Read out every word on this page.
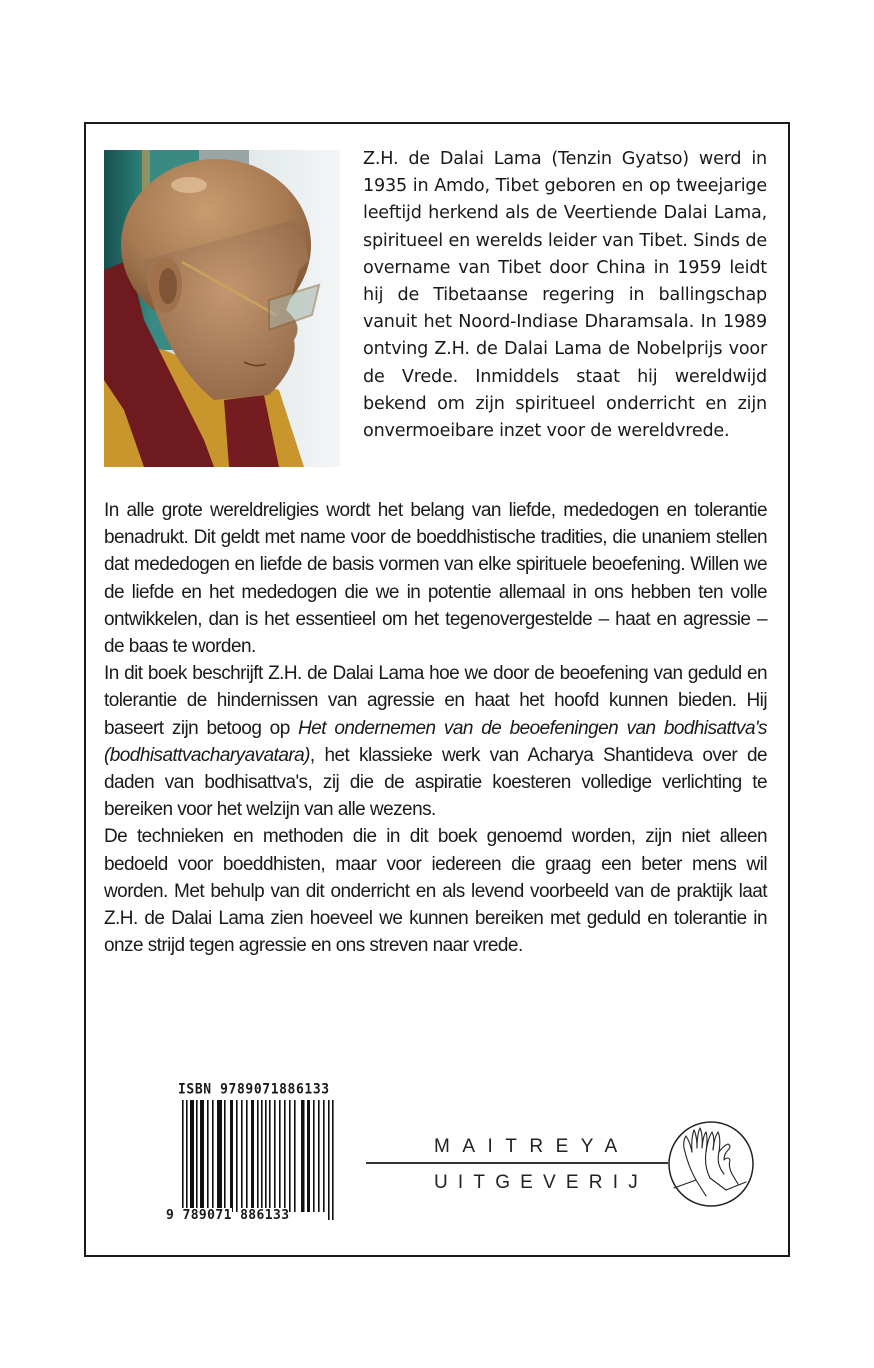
Z.H. de Dalai Lama (Tenzin Gyatso) werd in 1935 in Amdo, Tibet geboren en op tweejarige leeftijd herkend als de Veertiende Dalai Lama, spiritueel en werelds leider van Tibet. Sinds de overname van Tibet door China in 1959 leidt hij de Tibetaanse regering in ballingschap vanuit het Noord-Indiase Dharamsala. In 1989 ontving Z.H. de Dalai Lama de Nobelprijs voor de Vrede. Inmiddels staat hij wereldwijd bekend om zijn spiritueel onderricht en zijn onvermoeibare inzet voor de wereldvrede.

In alle grote wereldreligies wordt het belang van liefde, mededogen en tolerantie benadrukt. Dit geldt met name voor de boeddhistische tradities, die unaniem stellen dat mededogen en liefde de basis vormen van elke spirituele beoefening. Willen we de liefde en het mededogen die we in potentie allemaal in ons hebben ten volle ontwikkelen, dan is het essentieel om het tegenovergestelde – haat en agressie – de baas te worden.

In dit boek beschrijft Z.H. de Dalai Lama hoe we door de beoefening van geduld en tolerantie de hindernissen van agressie en haat het hoofd kunnen bieden. Hij baseert zijn betoog op Het ondernemen van de beoefeningen van bodhisattva's (bodhisattvacharyavatara), het klassieke werk van Acharya Shantideva over de daden van bodhisattva's, zij die de aspiratie koesteren volledige verlichting te bereiken voor het welzijn van alle wezens.

De technieken en methoden die in dit boek genoemd worden, zijn niet alleen bedoeld voor boeddhisten, maar voor iedereen die graag een beter mens wil worden. Met behulp van dit onderricht en als levend voorbeeld van de praktijk laat Z.H. de Dalai Lama zien hoeveel we kunnen bereiken met geduld en tolerantie in onze strijd tegen agressie en ons streven naar vrede.

ISBN 9789071886133
9 789071 886133
MAITREYA
UITGEVERIJ
